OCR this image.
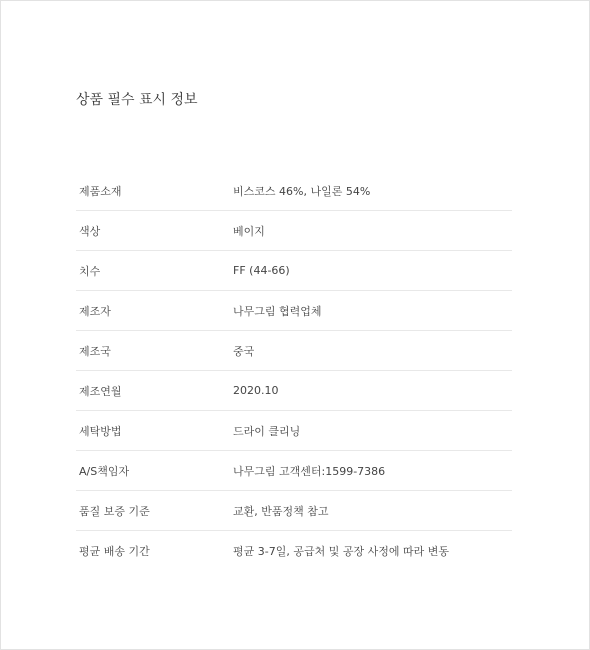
상품 필수 표시 정보
제품소재	비스코스 46%, 나일론 54%
색상	베이지
치수	FF (44-66)
제조자	나무그림 협력업체
제조국	중국
제조연월	2020.10
세탁방법	드라이 클리닝
A/S책임자	나무그림 고객센터:1599-7386
품질 보증 기준	교환, 반품정책 참고
평균 배송 기간	평균 3-7일, 공급처 및 공장 사정에 따라 변동
